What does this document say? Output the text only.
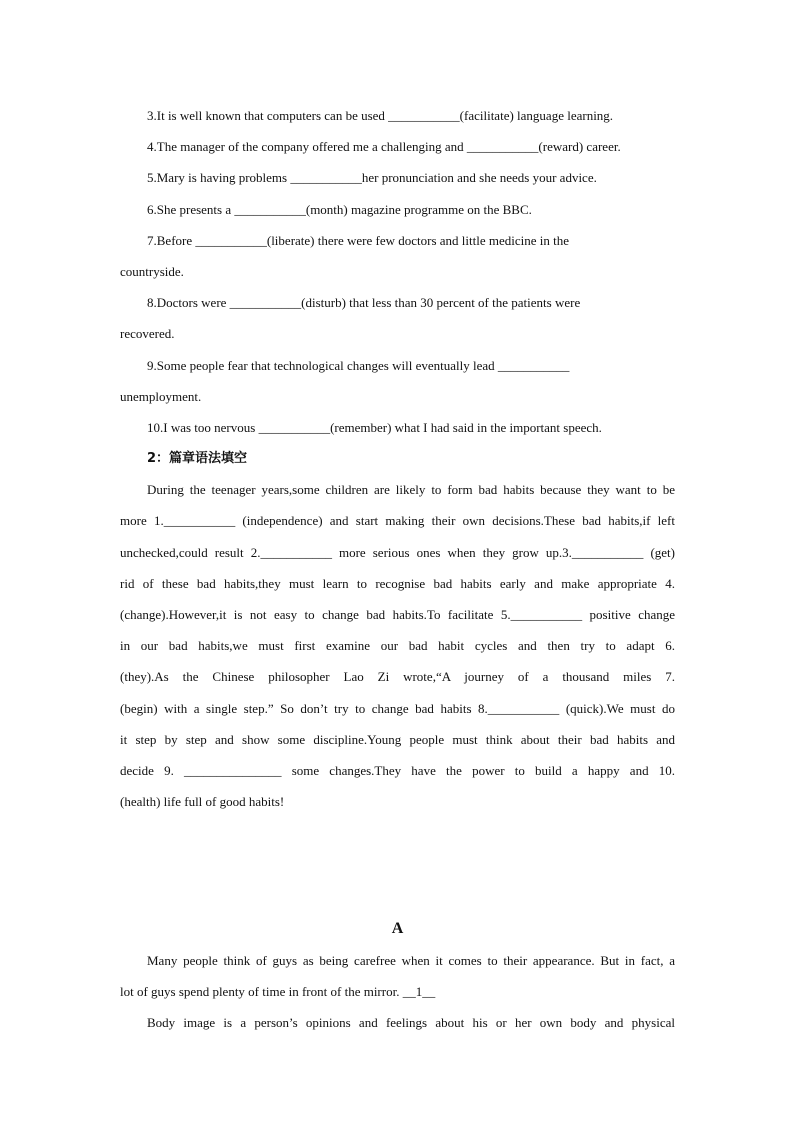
3.It is well known that computers can be used ___________(facilitate) language learning.

4.The manager of the company offered me a challenging and ___________(reward) career.

5.Mary is having problems ___________her pronunciation and she needs your advice.

6.She presents a ___________(month) magazine programme on the BBC.

7.Before ___________(liberate) there were few doctors and little medicine in the

countryside.

8.Doctors were ___________(disturb) that less than 30 percent of the patients were

recovered.

9.Some people fear that technological changes will eventually lead ___________

unemployment.

10.I was too nervous ___________(remember) what I had said in the important speech.

2：篇章语法填空

During the teenager years,some children are likely to form bad habits because they want to be

more 1.___________ (independence) and start making their own decisions.These bad habits,if left

unchecked,could result 2.___________ more serious ones when they grow up.3.___________ (get)

rid of these bad habits,they must learn to recognise bad habits early and make appropriate 4.

(change).However,it is not easy to change bad habits.To facilitate 5.___________ positive change

in our bad habits,we must first examine our bad habit cycles and then try to adapt 6.

(they).As the Chinese philosopher Lao Zi wrote,“A journey of a thousand miles 7.

(begin) with a single step.” So don’t try to change bad habits 8.___________ (quick).We must do

it step by step and show some discipline.Young people must think about their bad habits and

decide 9. _______________ some changes.They have the power to build a happy and 10.

(health) life full of good habits!

A

Many people think of guys as being carefree when it comes to their appearance. But in fact, a

lot of guys spend plenty of time in front of the mirror. __1__

Body image is a person’s opinions and feelings about his or her own body and physical
